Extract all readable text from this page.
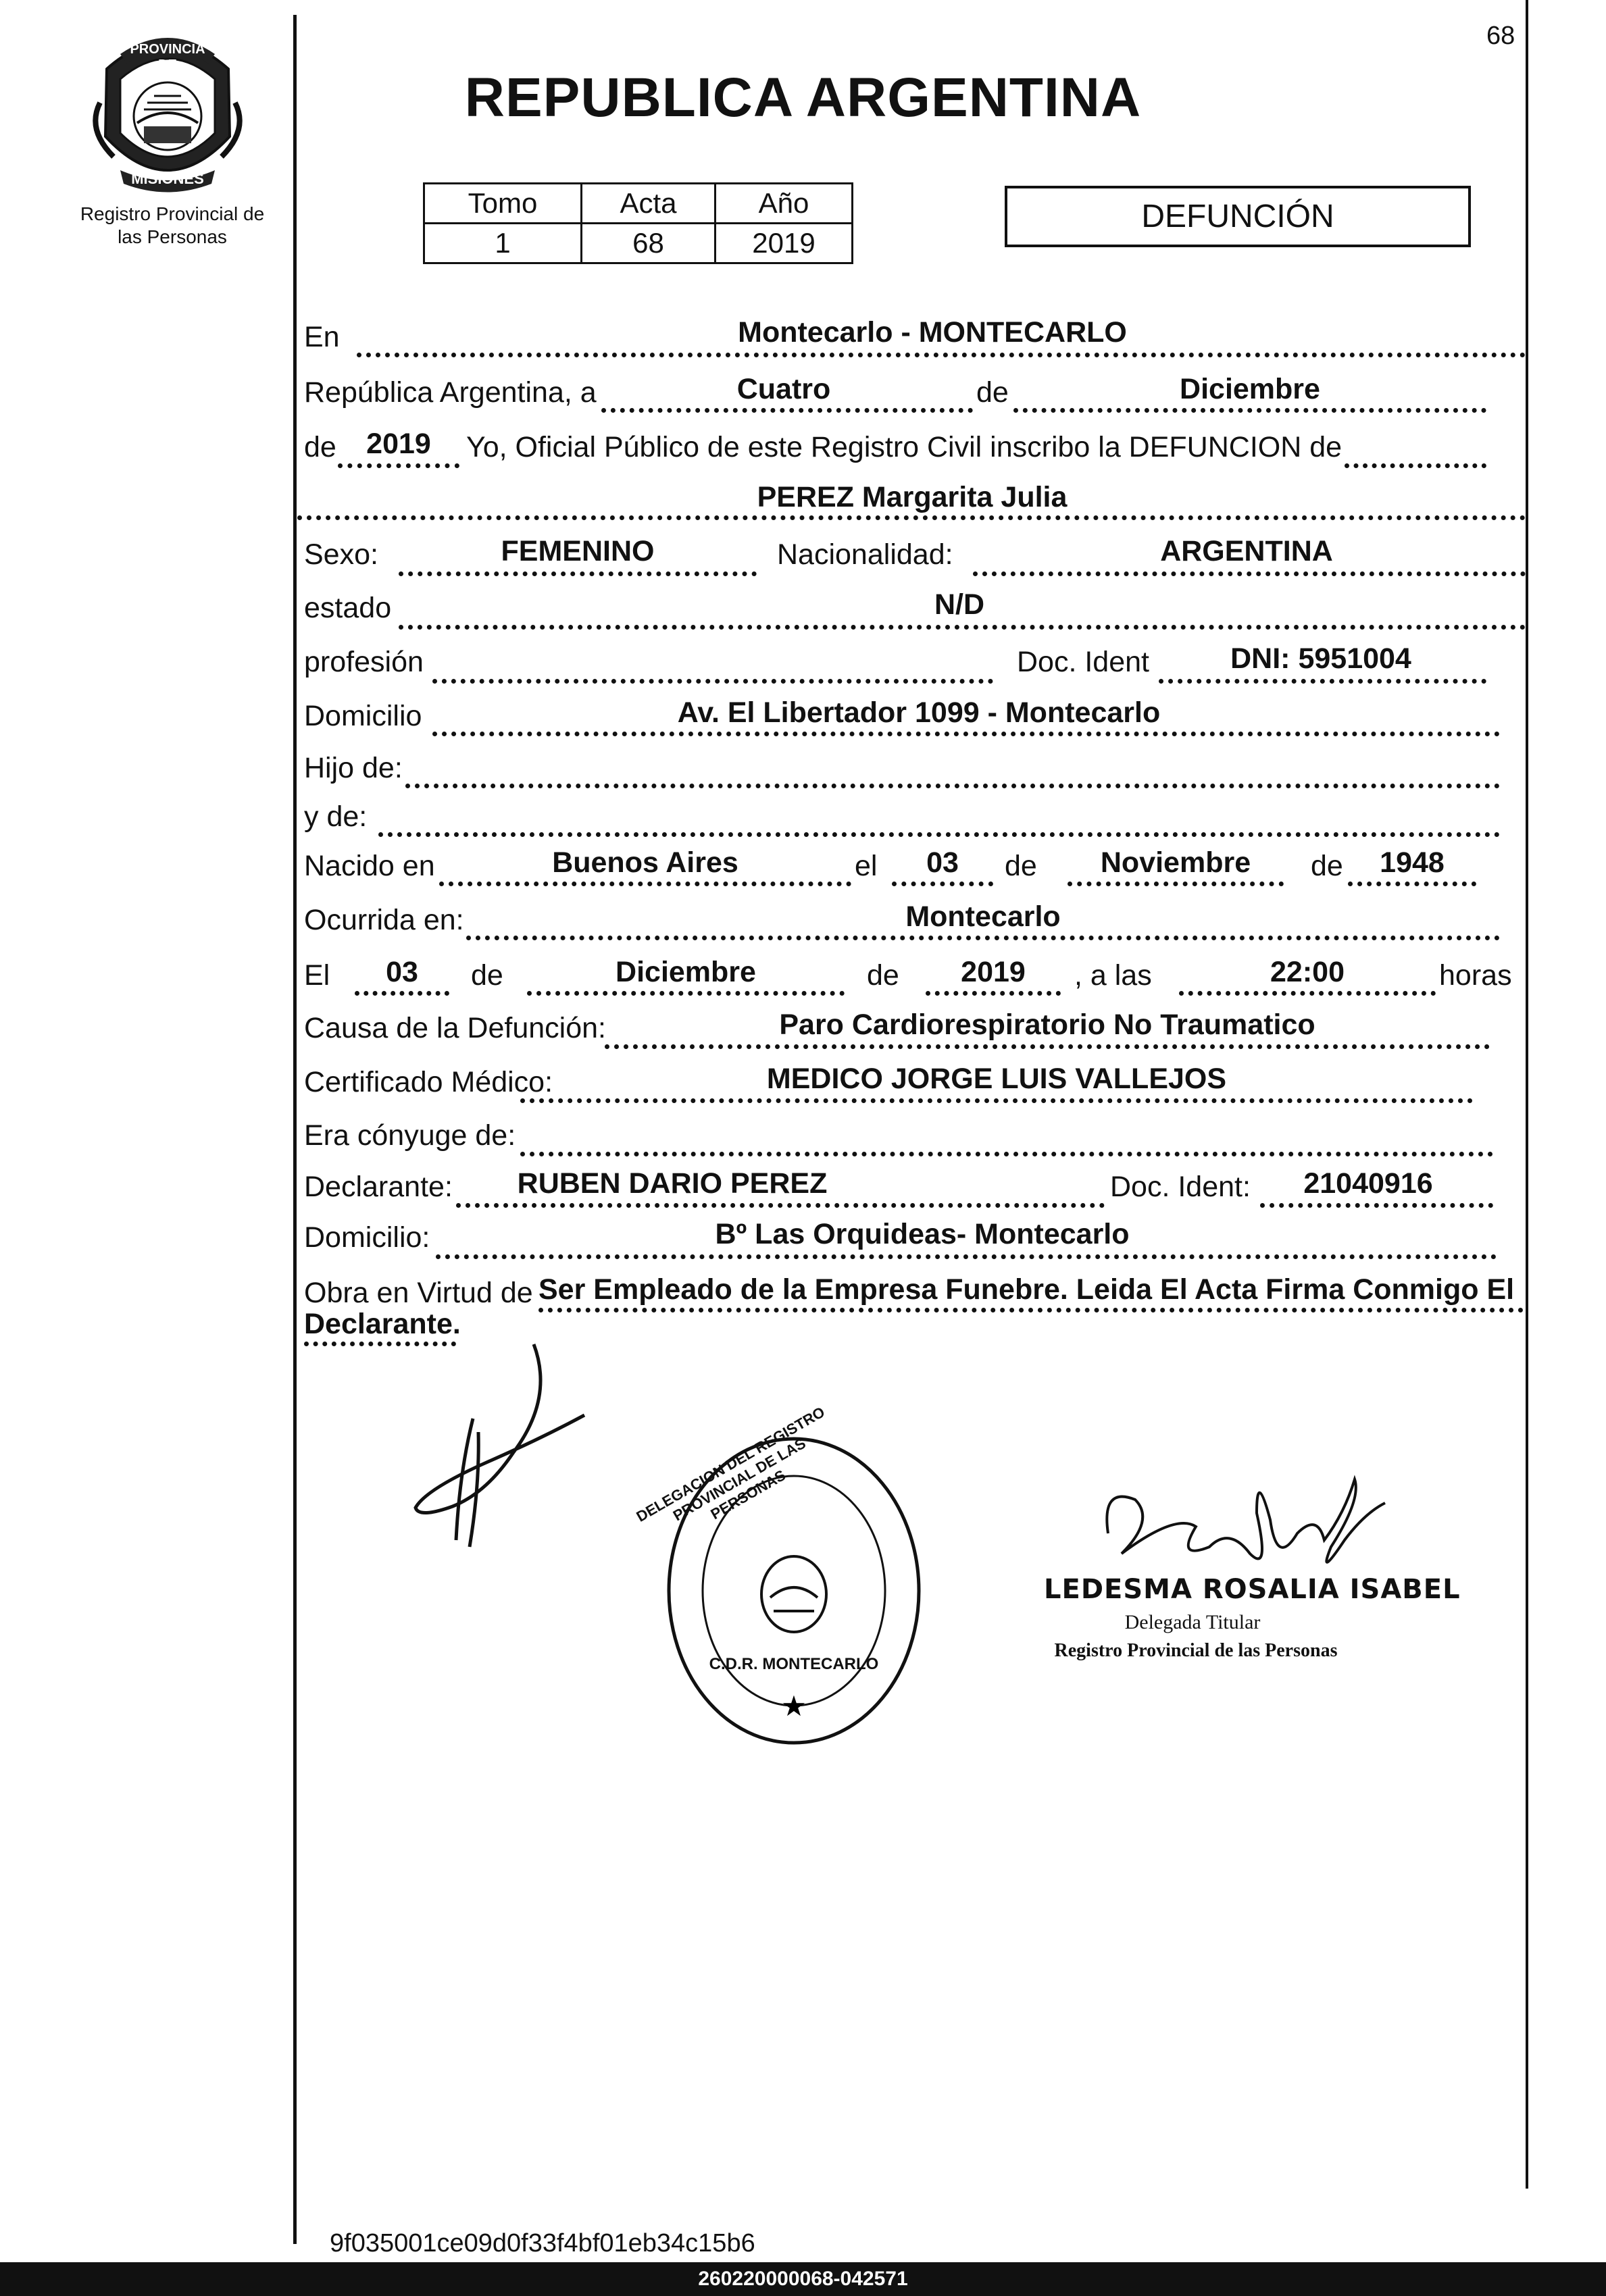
68
PROVINCIA DE
MISIONES
Registro Provincial de
las Personas
REPUBLICA ARGENTINA
Tomo	Acta	Año
1	68	2019
DEFUNCIÓN
En	Montecarlo - MONTECARLO
República Argentina, a	Cuatro	de	Diciembre
de	2019	Yo, Oficial Público de este Registro Civil inscribo la DEFUNCION de
PEREZ Margarita Julia
Sexo:	FEMENINO	Nacionalidad:	ARGENTINA
estado	N/D
profesión	Doc. Ident	DNI: 5951004
Domicilio	Av. El Libertador 1099 - Montecarlo
Hijo de:
y de:
Nacido en	Buenos Aires	el	03	de	Noviembre	de	1948
Ocurrida en:	Montecarlo
El	03	de	Diciembre	de	2019	, a las	22:00	horas
Causa de la Defunción:	Paro Cardiorespiratorio No Traumatico
Certificado Médico:	MEDICO JORGE LUIS VALLEJOS
Era cónyuge de:
Declarante:	RUBEN DARIO PEREZ	Doc. Ident:	21040916
Domicilio:	Bº Las Orquideas- Montecarlo
Obra en Virtud de Ser Empleado de la Empresa Funebre. Leida El Acta Firma Conmigo El
Declarante.
★
DELEGACION DEL REGISTRO PROVINCIAL DE LAS PERSONAS
C.D.R. MONTECARLO
LEDESMA ROSALIA ISABEL
Delegada Titular
Registro Provincial de las Personas
9f035001ce09d0f33f4bf01eb34c15b6
260220000068-042571
